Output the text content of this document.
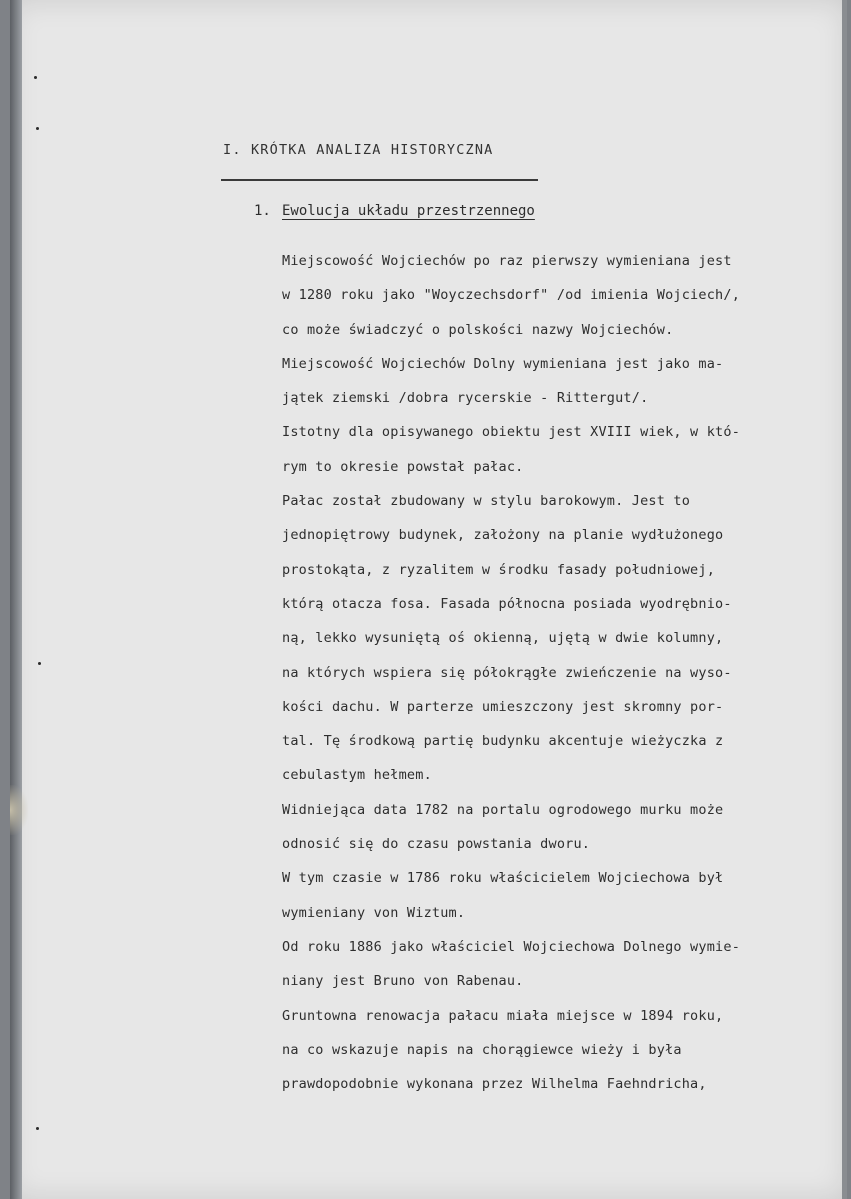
I. KRÓTKA ANALIZA HISTORYCZNA
1. Ewolucja układu przestrzennego
Miejscowość Wojciechów po raz pierwszy wymieniana jest
w 1280 roku jako "Woyczechsdorf" /od imienia Wojciech/,
co może świadczyć o polskości nazwy Wojciechów.
Miejscowość Wojciechów Dolny wymieniana jest jako ma-
jątek ziemski /dobra rycerskie - Rittergut/.
Istotny dla opisywanego obiektu jest XVIII wiek, w któ-
rym to okresie powstał pałac.
Pałac został zbudowany w stylu barokowym. Jest to
jednopiętrowy budynek, założony na planie wydłużonego
prostokąta, z ryzalitem w środku fasady południowej,
którą otacza fosa. Fasada północna posiada wyodrębnio-
ną, lekko wysuniętą oś okienną, ujętą w dwie kolumny,
na których wspiera się półokrągłe zwieńczenie na wyso-
kości dachu. W parterze umieszczony jest skromny por-
tal. Tę środkową partię budynku akcentuje wieżyczka z
cebulastym hełmem.
Widniejąca data 1782 na portalu ogrodowego murku może
odnosić się do czasu powstania dworu.
W tym czasie w 1786 roku właścicielem Wojciechowa był
wymieniany von Wiztum.
Od roku 1886 jako właściciel Wojciechowa Dolnego wymie-
niany jest Bruno von Rabenau.
Gruntowna renowacja pałacu miała miejsce w 1894 roku,
na co wskazuje napis na chorągiewce wieży i była
prawdopodobnie wykonana przez Wilhelma Faehndricha,
